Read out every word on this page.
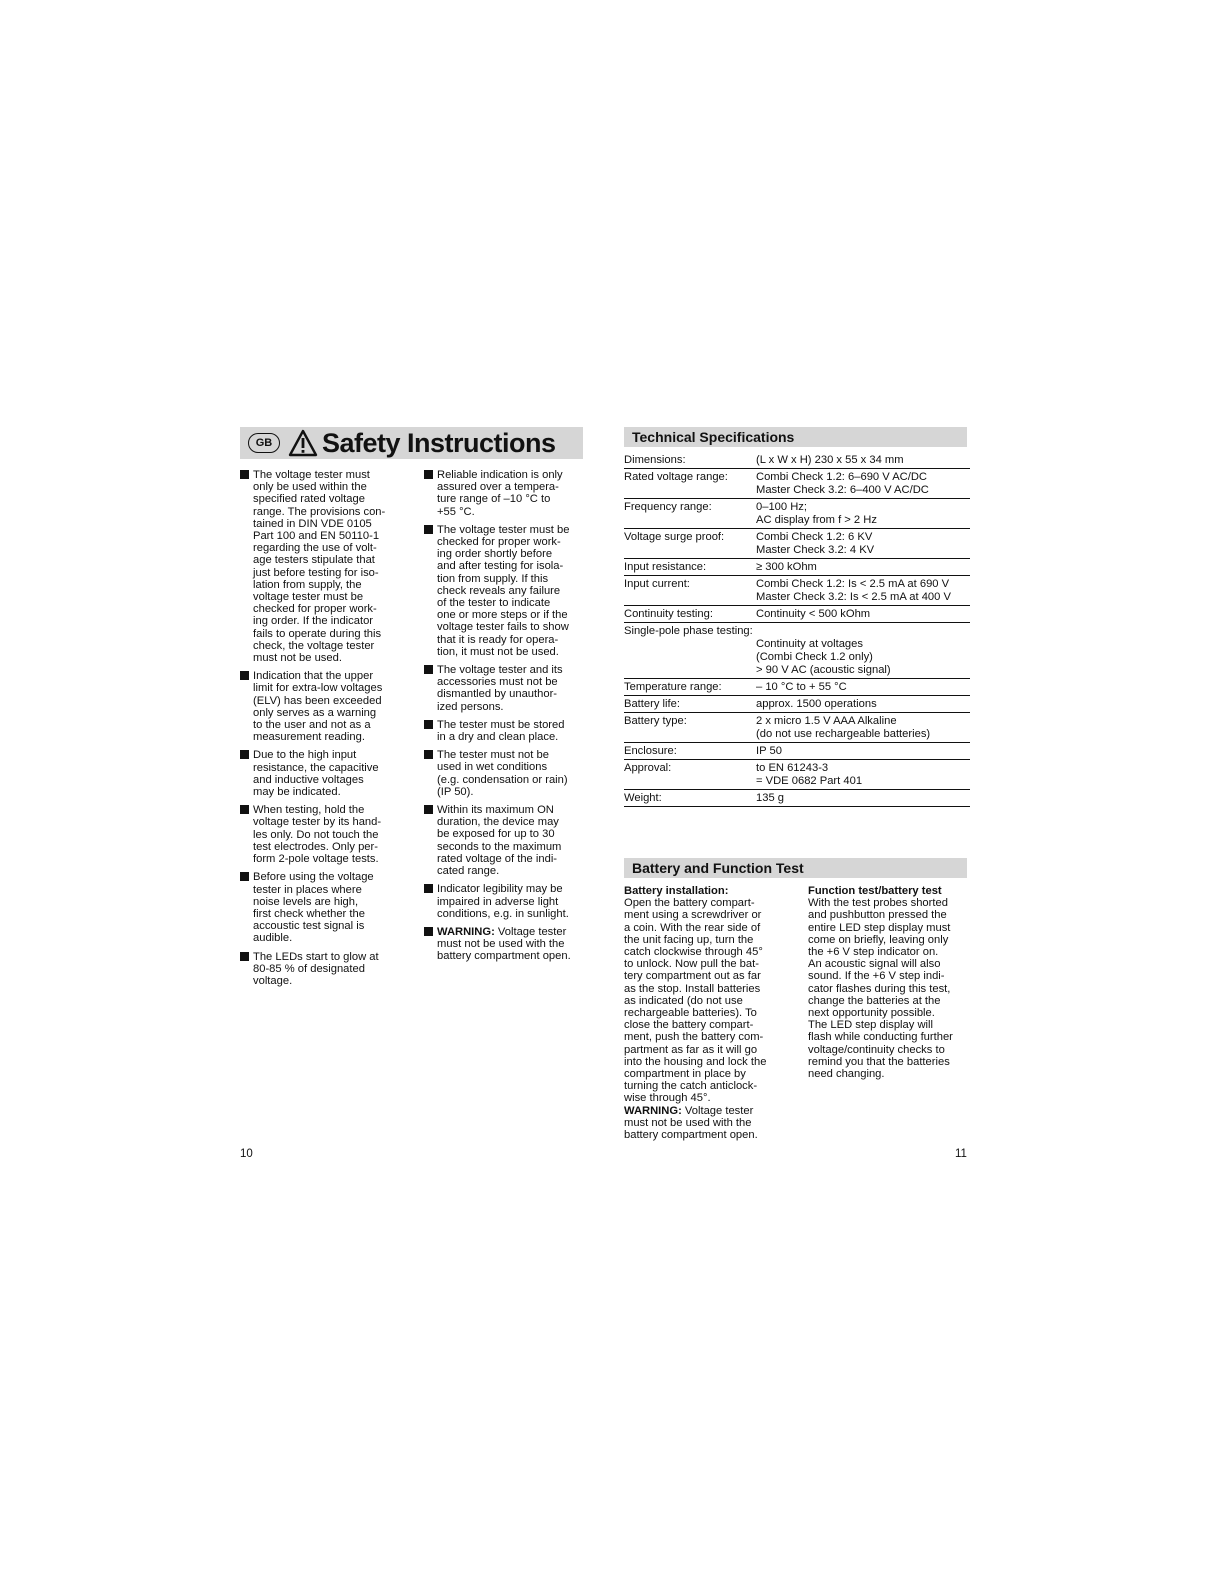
GB Safety Instructions
The voltage tester must
only be used within the
specified rated voltage
range. The provisions con-
tained in DIN VDE 0105
Part 100 and EN 50110-1
regarding the use of volt-
age testers stipulate that
just before testing for iso-
lation from supply, the
voltage tester must be
checked for proper work-
ing order. If the indicator
fails to operate during this
check, the voltage tester
must not be used.
Indication that the upper
limit for extra-low voltages
(ELV) has been exceeded
only serves as a warning
to the user and not as a
measurement reading.
Due to the high input
resistance, the capacitive
and inductive voltages
may be indicated.
When testing, hold the
voltage tester by its hand-
les only. Do not touch the
test electrodes. Only per-
form 2-pole voltage tests.
Before using the voltage
tester in places where
noise levels are high,
first check whether the
accoustic test signal is
audible.
The LEDs start to glow at
80-85 % of designated
voltage.
Reliable indication is only
assured over a tempera-
ture range of –10 °C to
+55 °C.
The voltage tester must be
checked for proper work-
ing order shortly before
and after testing for isola-
tion from supply. If this
check reveals any failure
of the tester to indicate
one or more steps or if the
voltage tester fails to show
that it is ready for opera-
tion, it must not be used.
The voltage tester and its
accessories must not be
dismantled by unauthor-
ized persons.
The tester must be stored
in a dry and clean place.
The tester must not be
used in wet conditions
(e.g. condensation or rain)
(IP 50).
Within its maximum ON
duration, the device may
be exposed for up to 30
seconds to the maximum
rated voltage of the indi-
cated range.
Indicator legibility may be
impaired in adverse light
conditions, e.g. in sunlight.
WARNING: Voltage tester
must not be used with the
battery compartment open.
10
Technical Specifications
Dimensions:	(L x W x H) 230 x 55 x 34 mm
Rated voltage range:	Combi Check 1.2: 6–690 V AC/DC
Master Check 3.2: 6–400 V AC/DC
Frequency range:	0–100 Hz;
AC display from f > 2 Hz
Voltage surge proof:	Combi Check 1.2: 6 KV
Master Check 3.2: 4 KV
Input resistance:	≥ 300 kOhm
Input current:	Combi Check 1.2: Is < 2.5 mA at 690 V
Master Check 3.2: Is < 2.5 mA at 400 V
Continuity testing:	Continuity < 500 kOhm

Single-pole phase testing:
Continuity at voltages
(Combi Check 1.2 only)
> 90 V AC (acoustic signal)	

Temperature range:	– 10 °C to + 55 °C
Battery life:	approx. 1500 operations
Battery type:	2 x micro 1.5 V AAA Alkaline
(do not use rechargeable batteries)
Enclosure:	IP 50
Approval:	to EN 61243-3
= VDE 0682 Part 401
Weight:	135 g
Battery and Function Test
Battery installation:
Open the battery compart-
ment using a screwdriver or
a coin. With the rear side of
the unit facing up, turn the
catch clockwise through 45°
to unlock. Now pull the bat-
tery compartment out as far
as the stop. Install batteries
as indicated (do not use
rechargeable batteries). To
close the battery compart-
ment, push the battery com-
partment as far as it will go
into the housing and lock the
compartment in place by
turning the catch anticlock-
wise through 45°.
WARNING: Voltage tester
must not be used with the
battery compartment open.
Function test/battery test
With the test probes shorted
and pushbutton pressed the
entire LED step display must
come on briefly, leaving only
the +6 V step indicator on.
An acoustic signal will also
sound. If the +6 V step indi-
cator flashes during this test,
change the batteries at the
next opportunity possible.
The LED step display will
flash while conducting further
voltage/continuity checks to
remind you that the batteries
need changing.
11
